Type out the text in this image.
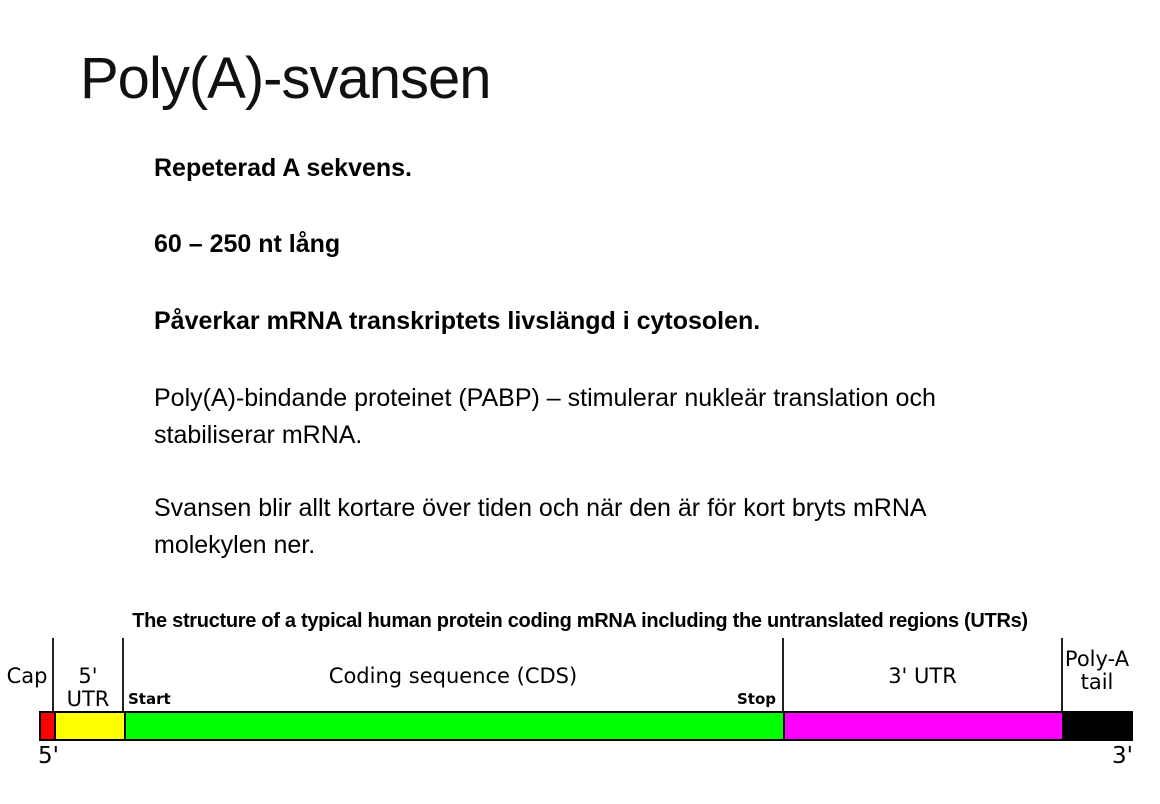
Poly(A)-svansen

Repeterad A sekvens.

60 – 250 nt lång

Påverkar mRNA transkriptets livslängd i cytosolen.

Poly(A)-bindande proteinet (PABP) – stimulerar nukleär translation och stabiliserar mRNA.

Svansen blir allt kortare över tiden och när den är för kort bryts mRNA molekylen ner.

The structure of a typical human protein coding mRNA including the untranslated regions (UTRs)
Cap	5' UTR
Coding sequence (CDS)	3' UTR
Poly-A
tail
Start	Stop
5'	3'
